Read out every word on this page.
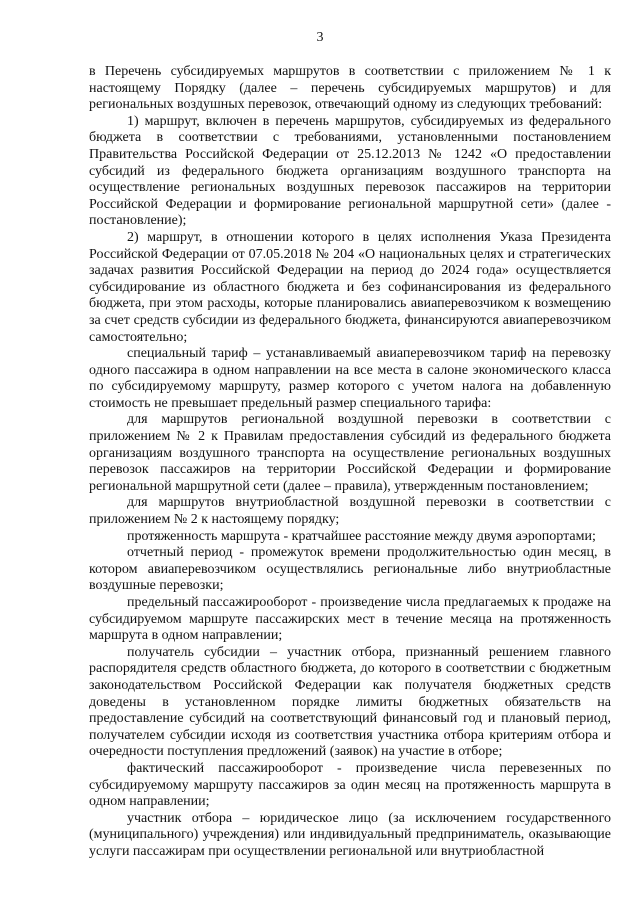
3

в Перечень субсидируемых маршрутов в соответствии с приложением № 1 к настоящему Порядку (далее – перечень субсидируемых маршрутов) и для региональных воздушных перевозок, отвечающий одному из следующих требований:

1) маршрут, включен в перечень маршрутов, субсидируемых из федерального бюджета в соответствии с требованиями, установленными постановлением Правительства Российской Федерации от 25.12.2013 № 1242 «О предоставлении субсидий из федерального бюджета организациям воздушного транспорта на осуществление региональных воздушных перевозок пассажиров на территории Российской Федерации и формирование региональной маршрутной сети» (далее - постановление);

2) маршрут, в отношении которого в целях исполнения Указа Президента Российской Федерации от 07.05.2018 № 204 «О национальных целях и стратегических задачах развития Российской Федерации на период до 2024 года» осуществляется субсидирование из областного бюджета и без софинансирования из федерального бюджета, при этом расходы, которые планировались авиаперевозчиком к возмещению за счет средств субсидии из федерального бюджета, финансируются авиаперевозчиком самостоятельно;

специальный тариф – устанавливаемый авиаперевозчиком тариф на перевозку одного пассажира в одном направлении на все места в салоне экономического класса по субсидируемому маршруту, размер которого с учетом налога на добавленную стоимость не превышает предельный размер специального тарифа:

для маршрутов региональной воздушной перевозки в соответствии с приложением № 2 к Правилам предоставления субсидий из федерального бюджета организациям воздушного транспорта на осуществление региональных воздушных перевозок пассажиров на территории Российской Федерации и формирование региональной маршрутной сети (далее – правила), утвержденным постановлением;

для маршрутов внутриобластной воздушной перевозки в соответствии с приложением № 2 к настоящему порядку;

протяженность маршрута - кратчайшее расстояние между двумя аэропортами;

отчетный период - промежуток времени продолжительностью один месяц, в котором авиаперевозчиком осуществлялись региональные либо внутриобластные воздушные перевозки;

предельный пассажирооборот - произведение числа предлагаемых к продаже на субсидируемом маршруте пассажирских мест в течение месяца на протяженность маршрута в одном направлении;

получатель субсидии – участник отбора, признанный решением главного распорядителя средств областного бюджета, до которого в соответствии с бюджетным законодательством Российской Федерации как получателя бюджетных средств доведены в установленном порядке лимиты бюджетных обязательств на предоставление субсидий на соответствующий финансовый год и плановый период, получателем субсидии исходя из соответствия участника отбора критериям отбора и очередности поступления предложений (заявок) на участие в отборе;

фактический пассажирооборот - произведение числа перевезенных по субсидируемому маршруту пассажиров за один месяц на протяженность маршрута в одном направлении;

участник отбора – юридическое лицо (за исключением государственного (муниципального) учреждения) или индивидуальный предприниматель, оказывающие услуги пассажирам при осуществлении региональной или внутриобластной
